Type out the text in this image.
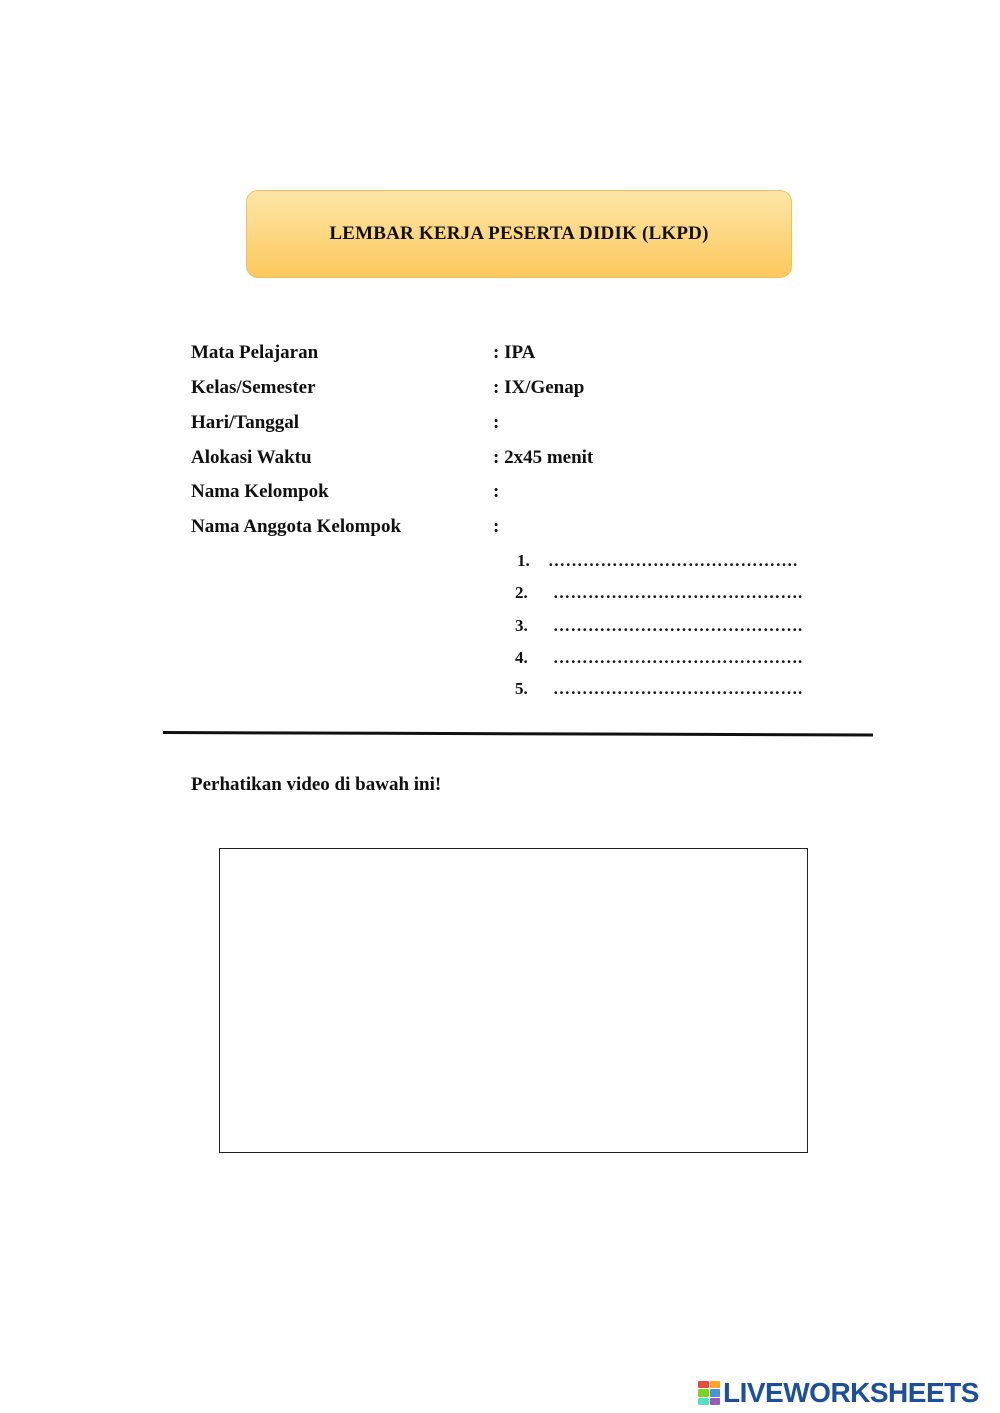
LEMBAR KERJA PESERTA DIDIK (LKPD)
Mata Pelajaran	: IPA
Kelas/Semester	: IX/Genap
Hari/Tanggal	:
Alokasi Waktu	: 2x45 menit
Nama Kelompok	:
Nama Anggota Kelompok	:
1. …………………………………….
2. …………………………………….
3. …………………………………….
4. …………………………………….
5. …………………………………….
Perhatikan video di bawah ini!
LIVEWORKSHEETS
